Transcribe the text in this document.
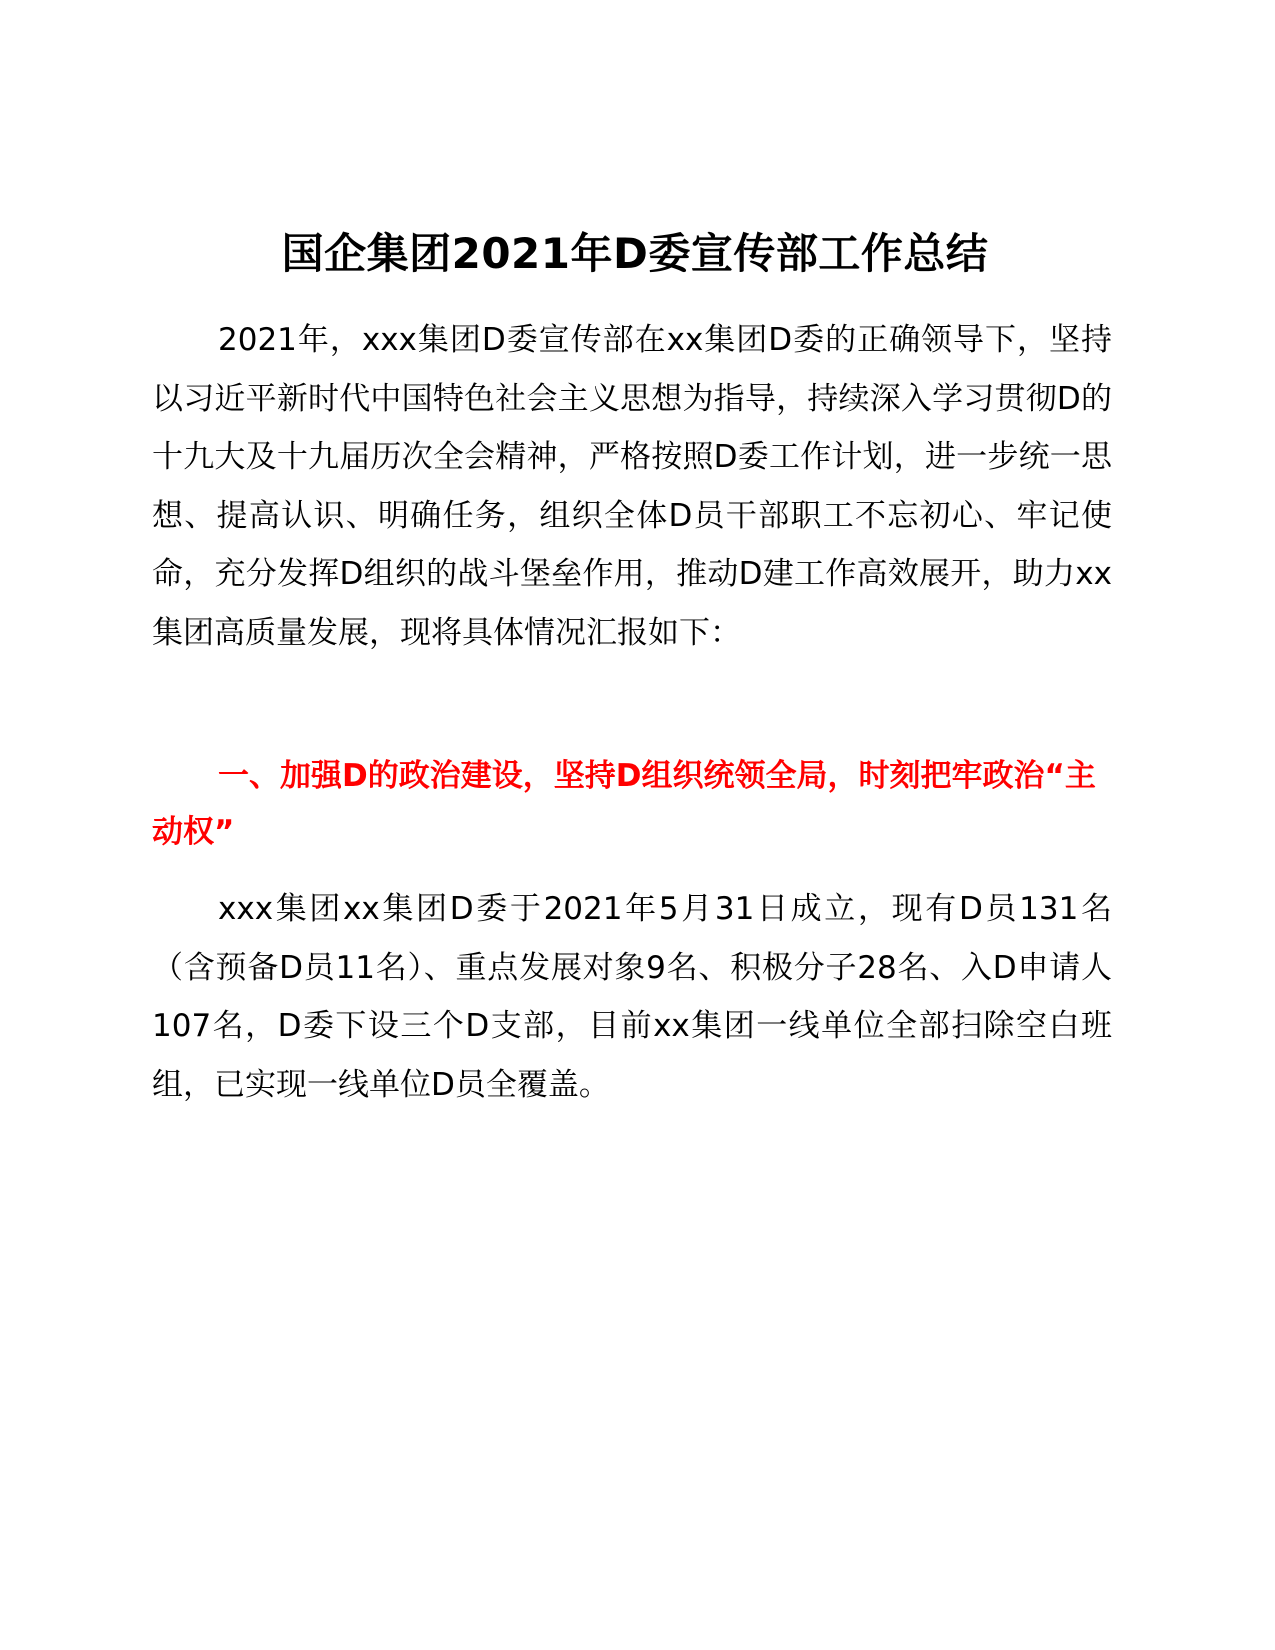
国企集团2021年D委宣传部工作总结

2021年，xxx集团D委宣传部在xx集团D委的正确领导下，坚持以习近平新时代中国特色社会主义思想为指导，持续深入学习贯彻D的十九大及十九届历次全会精神，严格按照D委工作计划，进一步统一思想、提高认识、明确任务，组织全体D员干部职工不忘初心、牢记使命，充分发挥D组织的战斗堡垒作用，推动D建工作高效展开，助力xx集团高质量发展，现将具体情况汇报如下：

一、加强D的政治建设，坚持D组织统领全局，时刻把牢政治“主动权”

xxx集团xx集团D委于2021年5月31日成立，现有D员131名（含预备D员11名）、重点发展对象9名、积极分子28名、入D申请人107名，D委下设三个D支部，目前xx集团一线单位全部扫除空白班组，已实现一线单位D员全覆盖。
